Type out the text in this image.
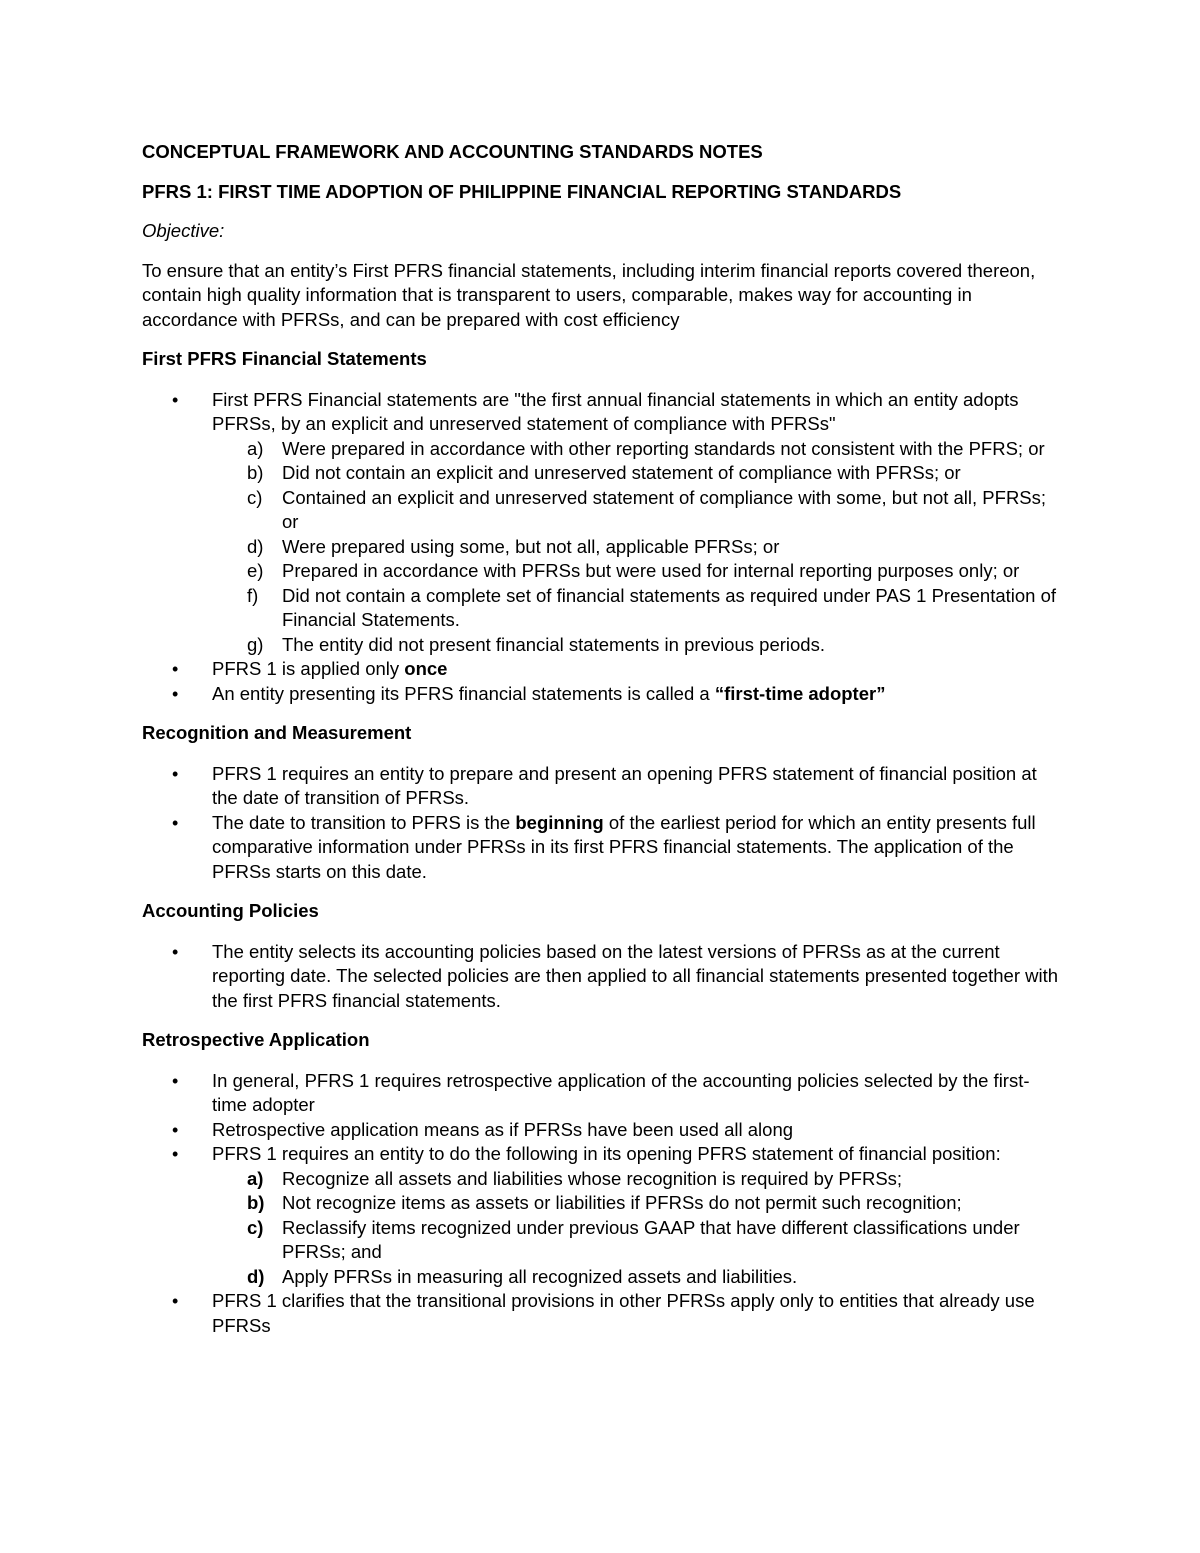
CONCEPTUAL FRAMEWORK AND ACCOUNTING STANDARDS NOTES

PFRS 1: FIRST TIME ADOPTION OF PHILIPPINE FINANCIAL REPORTING STANDARDS

Objective:

To ensure that an entity’s First PFRS financial statements, including interim financial reports covered thereon, contain high quality information that is transparent to users, comparable, makes way for accounting in accordance with PFRSs, and can be prepared with cost efficiency

First PFRS Financial Statements

• First PFRS Financial statements are "the first annual financial statements in which an entity adopts PFRSs, by an explicit and unreserved statement of compliance with PFRSs"
a) Were prepared in accordance with other reporting standards not consistent with the PFRS; or
b) Did not contain an explicit and unreserved statement of compliance with PFRSs; or
c) Contained an explicit and unreserved statement of compliance with some, but not all, PFRSs; or
d) Were prepared using some, but not all, applicable PFRSs; or
e) Prepared in accordance with PFRSs but were used for internal reporting purposes only; or
f) Did not contain a complete set of financial statements as required under PAS 1 Presentation of Financial Statements.
g) The entity did not present financial statements in previous periods.
• PFRS 1 is applied only once
• An entity presenting its PFRS financial statements is called a “first-time adopter”

Recognition and Measurement

• PFRS 1 requires an entity to prepare and present an opening PFRS statement of financial position at the date of transition of PFRSs.
• The date to transition to PFRS is the beginning of the earliest period for which an entity presents full comparative information under PFRSs in its first PFRS financial statements. The application of the PFRSs starts on this date.

Accounting Policies

• The entity selects its accounting policies based on the latest versions of PFRSs as at the current reporting date. The selected policies are then applied to all financial statements presented together with the first PFRS financial statements.

Retrospective Application

• In general, PFRS 1 requires retrospective application of the accounting policies selected by the first-time adopter
• Retrospective application means as if PFRSs have been used all along
• PFRS 1 requires an entity to do the following in its opening PFRS statement of financial position:
a) Recognize all assets and liabilities whose recognition is required by PFRSs;
b) Not recognize items as assets or liabilities if PFRSs do not permit such recognition;
c) Reclassify items recognized under previous GAAP that have different classifications under PFRSs; and
d) Apply PFRSs in measuring all recognized assets and liabilities.
• PFRS 1 clarifies that the transitional provisions in other PFRSs apply only to entities that already use PFRSs
